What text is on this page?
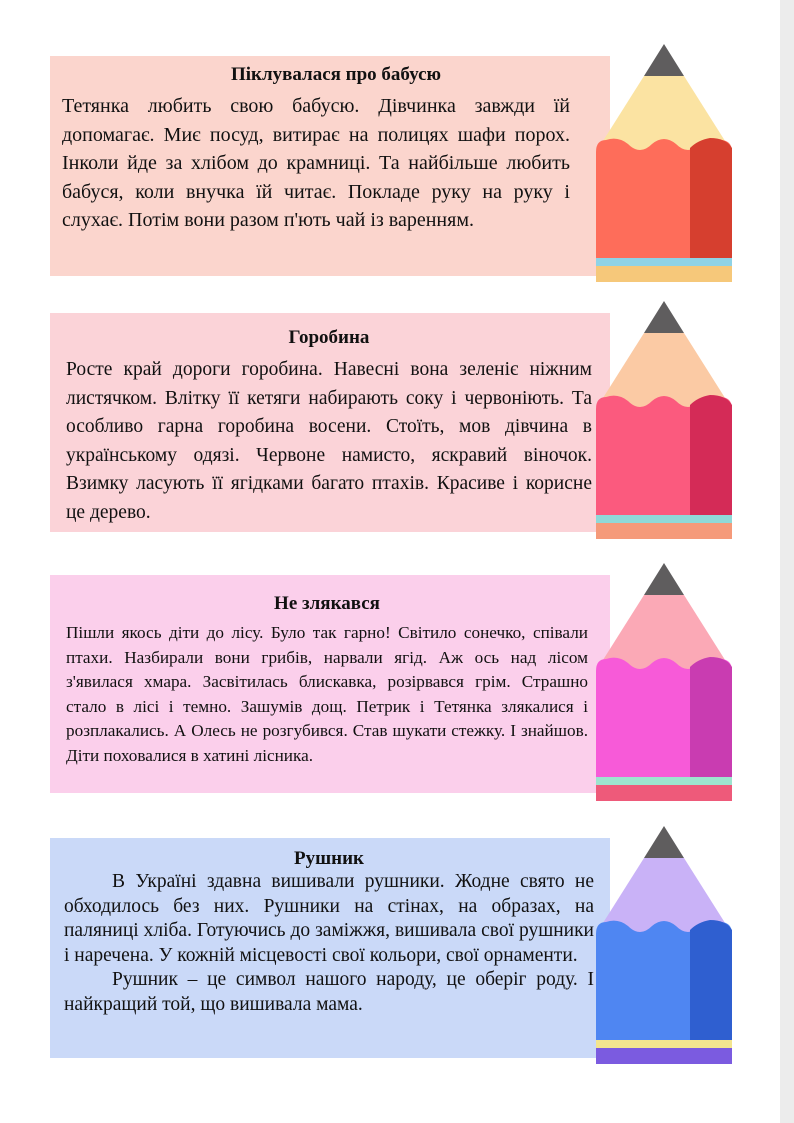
Піклувалася про бабусю
Тетянка любить свою бабусю. Дівчинка завжди їй допомагає. Миє посуд, витирає на полицях шафи порох. Інколи йде за хлібом до крамниці. Та найбільше любить бабуся, коли внучка їй читає. Покладе руку на руку і слухає. Потім вони разом п'ють чай із варенням.
Горобина
Росте край дороги горобина. Навесні вона зеленіє ніжним листячком. Влітку її кетяги набирають соку і червоніють. Та особливо гарна горобина восени. Стоїть, мов дівчина в українському одязі. Червоне намисто, яскравий віночок. Взимку ласують її ягідками багато птахів. Красиве і корисне це дерево.
Не злякався
Пішли якось діти до лісу. Було так гарно! Світило сонечко, співали птахи. Назбирали вони грибів, нарвали ягід. Аж ось над лісом з'явилася хмара. Засвітилась блискавка, розірвався грім. Страшно стало в лісі і темно. Зашумів дощ. Петрик і Тетянка злякалися і розплакались. А Олесь не розгубився. Став шукати стежку. І знайшов. Діти поховалися в хатині лісника.
Рушник
В Україні здавна вишивали рушники. Жодне свято не обходилось без них. Рушники на стінах, на образах, на паляниці хліба. Готуючись до заміжжя, вишивала свої рушники і наречена. У кожній місцевості свої кольори, свої орнаменти.
Рушник – це символ нашого народу, це оберіг роду. І найкращий той, що вишивала мама.
